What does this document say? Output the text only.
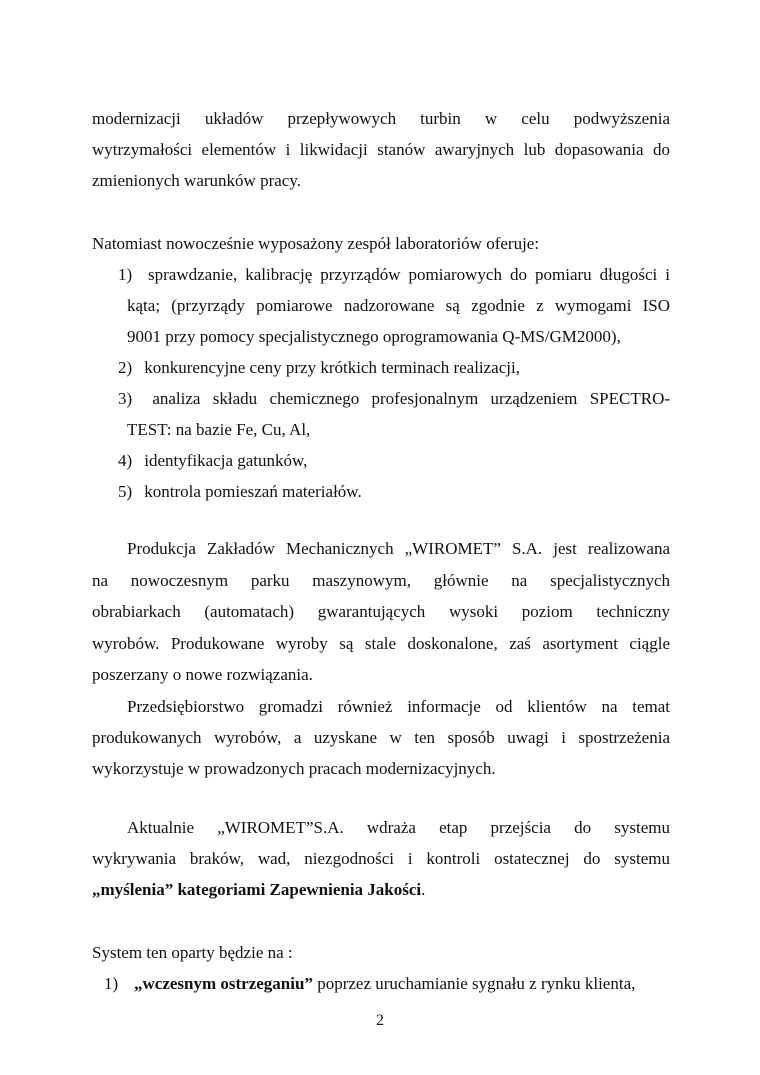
modernizacji układów przepływowych turbin w celu podwyższenia

wytrzymałości elementów i likwidacji stanów awaryjnych lub dopasowania do

zmienionych warunków pracy.

Natomiast nowocześnie wyposażony zespół laboratoriów oferuje:

1) sprawdzanie, kalibrację przyrządów pomiarowych do pomiaru długości i

kąta; (przyrządy pomiarowe nadzorowane są zgodnie z wymogami ISO

9001 przy pomocy specjalistycznego oprogramowania Q-MS/GM2000),

2) konkurencyjne ceny przy krótkich terminach realizacji,

3) analiza składu chemicznego profesjonalnym urządzeniem SPECTRO-

TEST: na bazie Fe, Cu, Al,

4) identyfikacja gatunków,

5) kontrola pomieszań materiałów.

Produkcja Zakładów Mechanicznych „WIROMET” S.A. jest realizowana

na nowoczesnym parku maszynowym, głównie na specjalistycznych

obrabiarkach (automatach) gwarantujących wysoki poziom techniczny

wyrobów. Produkowane wyroby są stale doskonalone, zaś asortyment ciągle

poszerzany o nowe rozwiązania.

Przedsiębiorstwo gromadzi również informacje od klientów na temat

produkowanych wyrobów, a uzyskane w ten sposób uwagi i spostrzeżenia

wykorzystuje w prowadzonych pracach modernizacyjnych.

Aktualnie „WIROMET”S.A. wdraża etap przejścia do systemu

wykrywania braków, wad, niezgodności i kontroli ostatecznej do systemu

„myślenia” kategoriami Zapewnienia Jakości.

System ten oparty będzie na :

1) „wczesnym ostrzeganiu” poprzez uruchamianie sygnału z rynku klienta,

2
